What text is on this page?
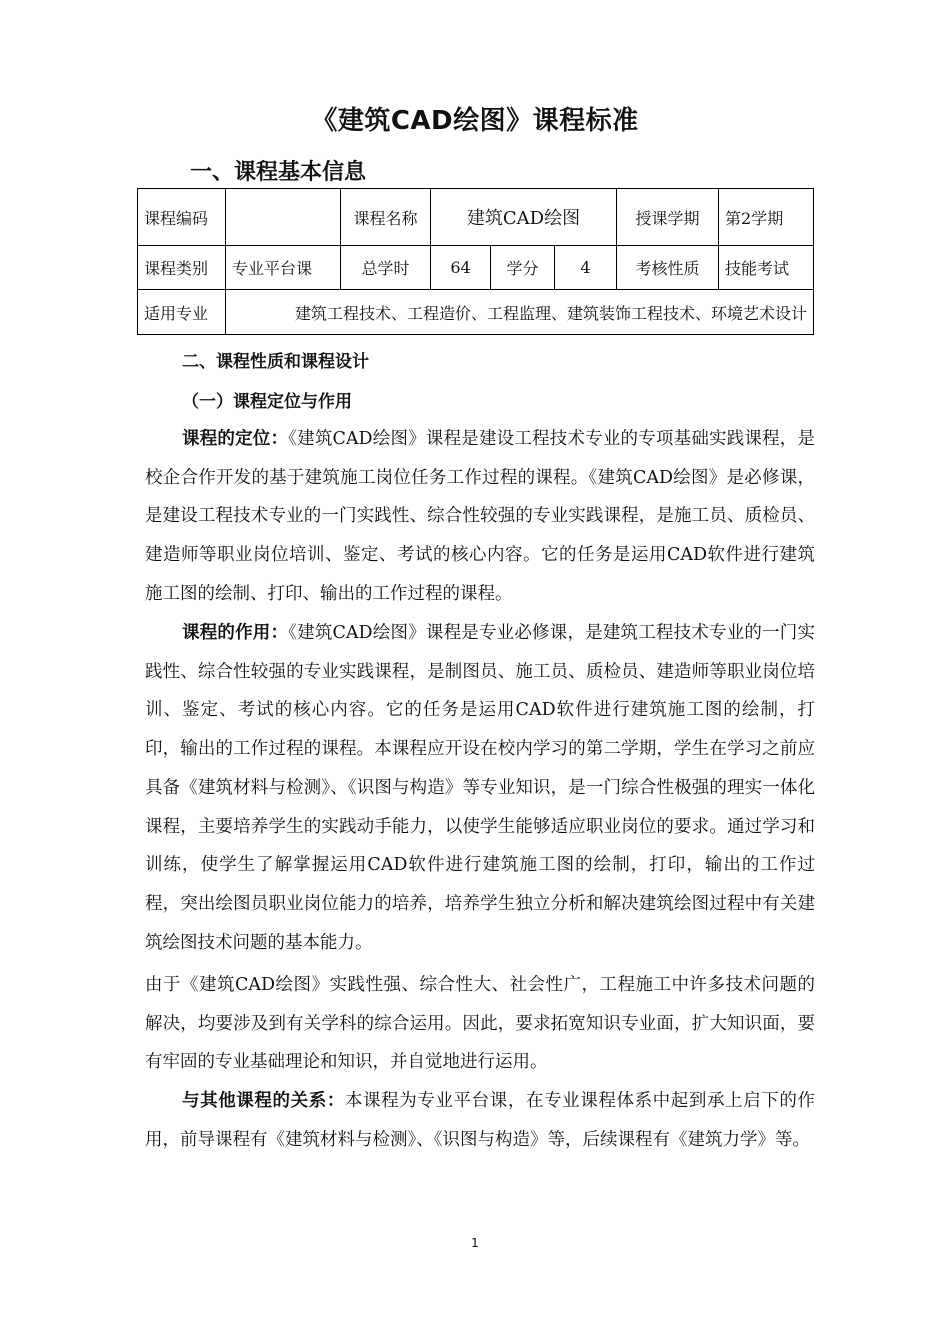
《建筑CAD绘图》课程标准
一、课程基本信息
课程编码		课程名称	建筑CAD绘图			授课学期	第2学期
课程类别	专业平台课	总学时	64	学分	4	考核性质	技能考试
适用专业	建筑工程技术、工程造价、工程监理、建筑装饰工程技术、环境艺术设计						
二、课程性质和课程设计
（一）课程定位与作用

课程的定位：《建筑CAD绘图》课程是建设工程技术专业的专项基础实践课程，是校企合作开发的基于建筑施工岗位任务工作过程的课程。《建筑CAD绘图》是必修课，是建设工程技术专业的一门实践性、综合性较强的专业实践课程，是施工员、质检员、建造师等职业岗位培训、鉴定、考试的核心内容。它的任务是运用CAD软件进行建筑施工图的绘制、打印、输出的工作过程的课程。

课程的作用：《建筑CAD绘图》课程是专业必修课，是建筑工程技术专业的一门实践性、综合性较强的专业实践课程，是制图员、施工员、质检员、建造师等职业岗位培训、鉴定、考试的核心内容。它的任务是运用CAD软件进行建筑施工图的绘制，打印，输出的工作过程的课程。本课程应开设在校内学习的第二学期，学生在学习之前应具备《建筑材料与检测》、《识图与构造》等专业知识，是一门综合性极强的理实一体化课程，主要培养学生的实践动手能力，以使学生能够适应职业岗位的要求。通过学习和训练，使学生了解掌握运用CAD软件进行建筑施工图的绘制，打印，输出的工作过程，突出绘图员职业岗位能力的培养，培养学生独立分析和解决建筑绘图过程中有关建筑绘图技术问题的基本能力。

由于《建筑CAD绘图》实践性强、综合性大、社会性广，工程施工中许多技术问题的解决，均要涉及到有关学科的综合运用。因此，要求拓宽知识专业面，扩大知识面，要有牢固的专业基础理论和知识，并自觉地进行运用。

与其他课程的关系：本课程为专业平台课，在专业课程体系中起到承上启下的作用，前导课程有《建筑材料与检测》、《识图与构造》等，后续课程有《建筑力学》等。

1
